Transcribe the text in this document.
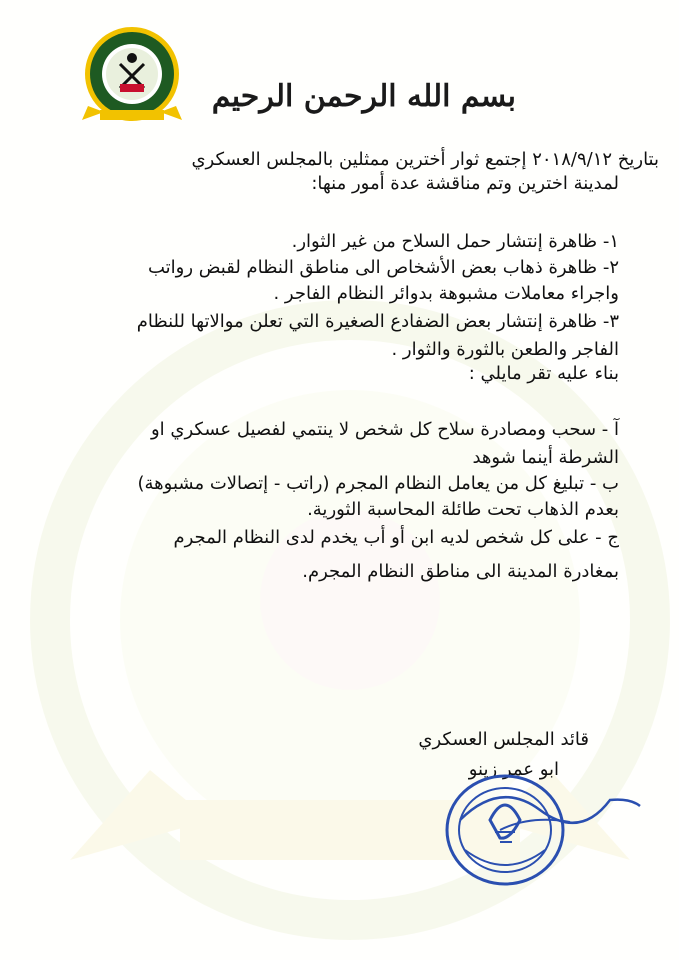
بسم الله الرحمن الرحيم
بتاريخ ٢٠١٨/٩/١٢ إجتمع ثوار أخترين ممثلين بالمجلس العسكري
لمدينة اخترين وتم مناقشة عدة أمور منها:
١- ظاهرة إنتشار حمل السلاح من غير الثوار.
٢- ظاهرة ذهاب بعض الأشخاص الى مناطق النظام لقبض رواتب
واجراء معاملات مشبوهة بدوائر النظام الفاجر .
٣- ظاهرة إنتشار بعض الضفادع الصغيرة التي تعلن موالاتها للنظام
الفاجر والطعن بالثورة والثوار .
بناء عليه تقر مايلي :
آ - سحب ومصادرة سلاح كل شخص لا ينتمي لفصيل عسكري او
الشرطة أينما شوهد
ب - تبليغ كل من يعامل النظام المجرم (راتب - إتصالات مشبوهة)
بعدم الذهاب تحت طائلة المحاسبة الثورية.
ج - على كل شخص لديه ابن أو أب يخدم لدى النظام المجرم
بمغادرة المدينة الى مناطق النظام المجرم.
قائد المجلس العسكري
ابو عمر زينو
